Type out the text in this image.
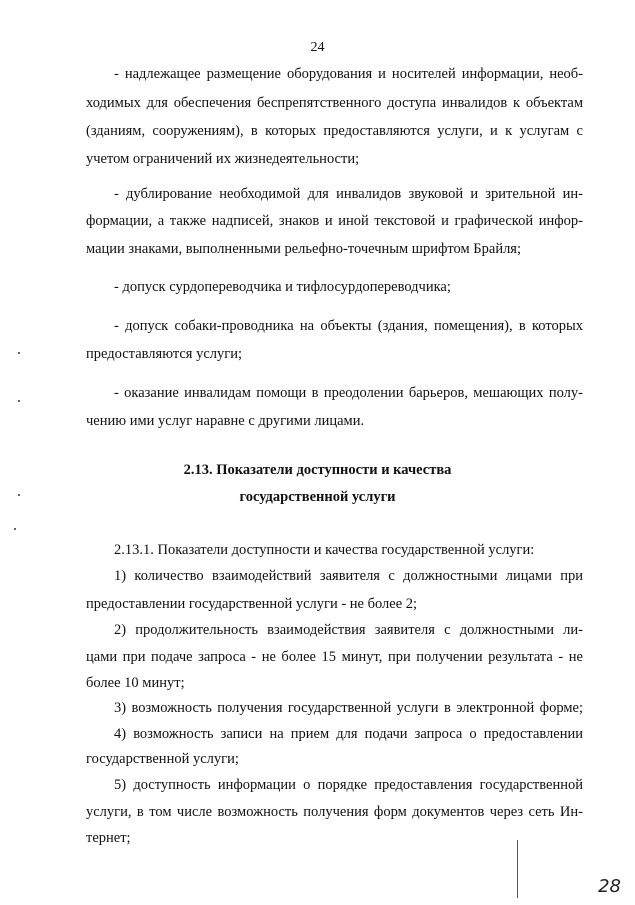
24
- надлежащее размещение оборудования и носителей информации, необ-
ходимых для обеспечения беспрепятственного доступа инвалидов к объектам
(зданиям, сооружениям), в которых предоставляются услуги, и к услугам с
учетом ограничений их жизнедеятельности;
- дублирование необходимой для инвалидов звуковой и зрительной ин-
формации, а также надписей, знаков и иной текстовой и графической инфор-
мации знаками, выполненными рельефно-точечным шрифтом Брайля;
- допуск сурдопереводчика и тифлосурдопереводчика;
- допуск собаки-проводника на объекты (здания, помещения), в которых
предоставляются услуги;
- оказание инвалидам помощи в преодолении барьеров, мешающих полу-
чению ими услуг наравне с другими лицами.
2.13. Показатели доступности и качества
государственной услуги
2.13.1. Показатели доступности и качества государственной услуги:
1) количество взаимодействий заявителя с должностными лицами при
предоставлении государственной услуги - не более 2;
2) продолжительность взаимодействия заявителя с должностными ли-
цами при подаче запроса - не более 15 минут, при получении результата - не
более 10 минут;
3) возможность получения государственной услуги в электронной форме;
4) возможность записи на прием для подачи запроса о предоставлении
государственной услуги;
5) доступность информации о порядке предоставления государственной
услуги, в том числе возможность получения форм документов через сеть Ин-
тернет;
28
